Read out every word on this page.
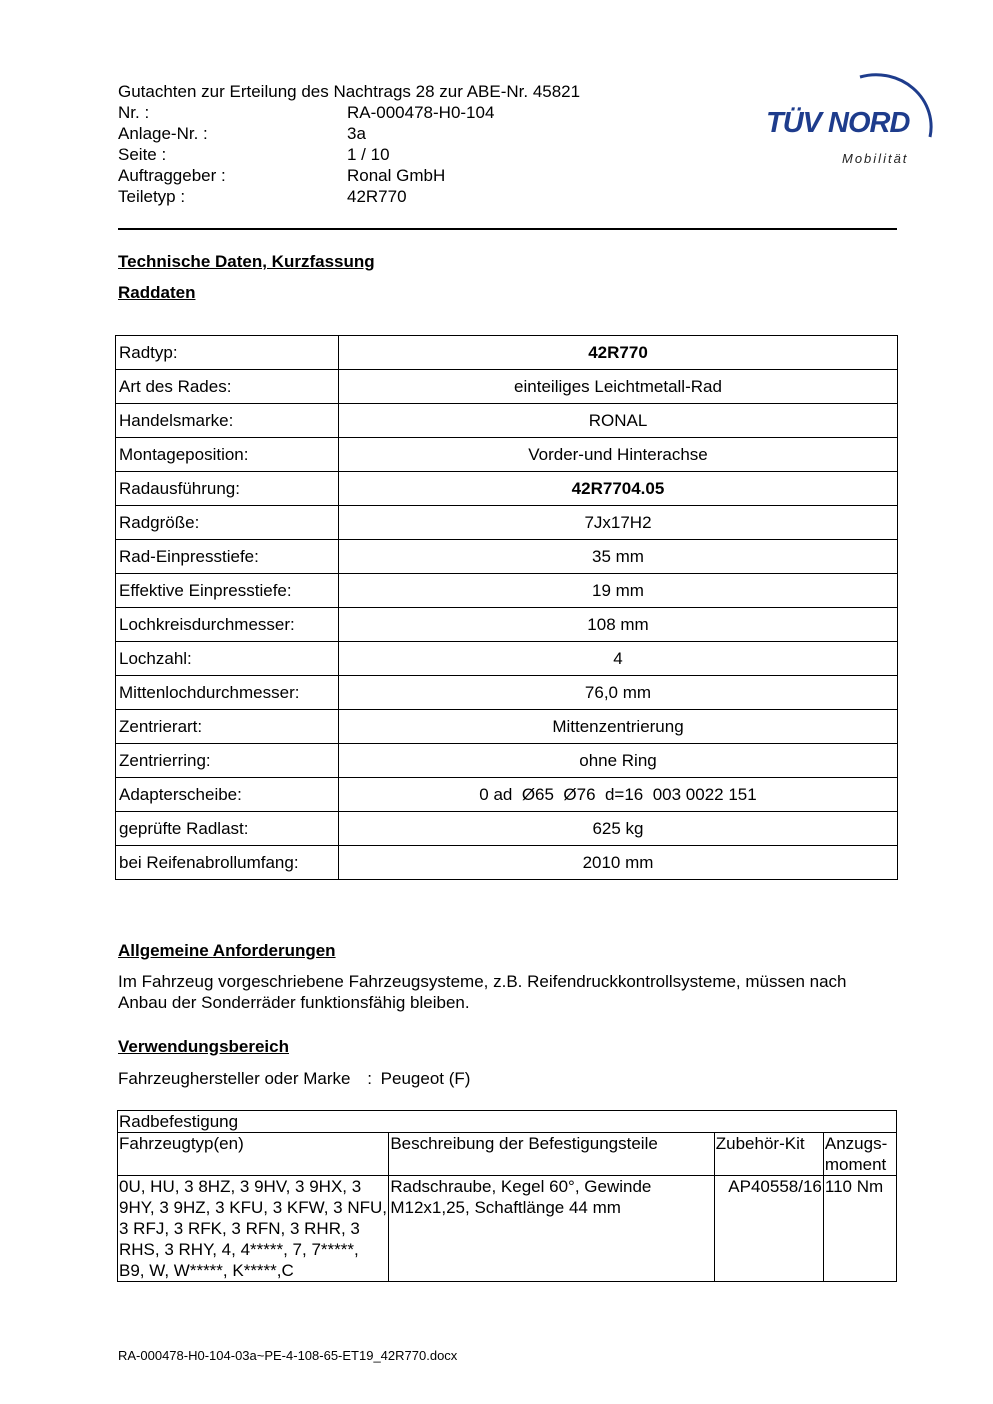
Gutachten zur Erteilung des Nachtrags 28 zur ABE-Nr. 45821
Nr. :	RA-000478-H0-104
Anlage-Nr. :	3a
Seite :	1 / 10
Auftraggeber :	Ronal GmbH
Teiletyp :	42R770
TÜV NORD
Mobilität
Technische Daten, Kurzfassung
Raddaten
Radtyp:	42R770
Art des Rades:	einteiliges Leichtmetall-Rad
Handelsmarke:	RONAL
Montageposition:	Vorder-und Hinterachse
Radausführung:	42R7704.05
Radgröße:	7Jx17H2
Rad-Einpresstiefe:	35 mm
Effektive Einpresstiefe:	19 mm
Lochkreisdurchmesser:	108 mm
Lochzahl:	4
Mittenlochdurchmesser:	76,0 mm
Zentrierart:	Mittenzentrierung
Zentrierring:	ohne Ring
Adapterscheibe:	0 ad  Ø65  Ø76  d=16  003 0022 151
geprüfte Radlast:	625 kg
bei Reifenabrollumfang:	2010 mm
Allgemeine Anforderungen
Im Fahrzeug vorgeschriebene Fahrzeugsysteme, z.B. Reifendruckkontrollsysteme, müssen nach Anbau der Sonderräder funktionsfähig bleiben.
Verwendungsbereich
Fahrzeughersteller oder Marke : Peugeot (F)
Radbefestigung			
Fahrzeugtyp(en)	Beschreibung der Befestigungsteile	Zubehör-Kit	Anzugs-moment
0U, HU, 3 8HZ, 3 9HV, 3 9HX, 3 9HY, 3 9HZ, 3 KFU, 3 KFW, 3 NFU, 3 RFJ, 3 RFK, 3 RFN, 3 RHR, 3 RHS, 3 RHY, 4, 4*****, 7, 7*****, B9, W, W*****, K*****,C	Radschraube, Kegel 60°, Gewinde M12x1,25, Schaftlänge 44 mm	AP40558/16	110 Nm
RA-000478-H0-104-03a~PE-4-108-65-ET19_42R770.docx
